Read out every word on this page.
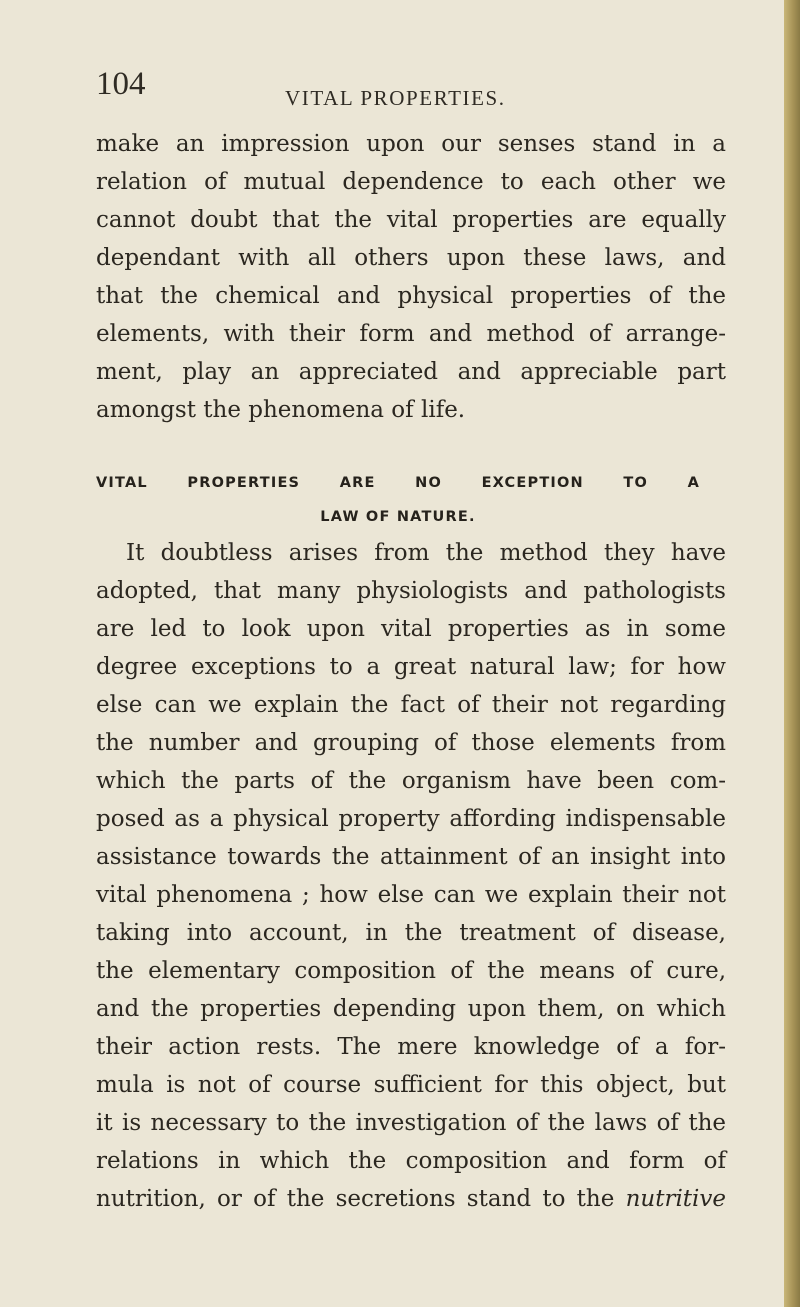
104	VITAL PROPERTIES.

make an impression upon our senses stand in a
relation of mutual dependence to each other we
cannot doubt that the vital properties are equally
dependant with all others upon these laws, and
that the chemical and physical properties of the
elements, with their form and method of arrange-
ment, play an appreciated and appreciable part
amongst the phenomena of life.

VITAL PROPERTIES ARE NO EXCEPTION TO A
LAW OF NATURE.

It doubtless arises from the method they have
adopted, that many physiologists and pathologists
are led to look upon vital properties as in some
degree exceptions to a great natural law; for how
else can we explain the fact of their not regarding
the number and grouping of those elements from
which the parts of the organism have been com-
posed as a physical property affording indispensable
assistance towards the attainment of an insight into
vital phenomena ; how else can we explain their not
taking into account, in the treatment of disease,
the elementary composition of the means of cure,
and the properties depending upon them, on which
their action rests. The mere knowledge of a for-
mula is not of course sufficient for this object, but
it is necessary to the investigation of the laws of the
relations in which the composition and form of
nutrition, or of the secretions stand to the nutritive
